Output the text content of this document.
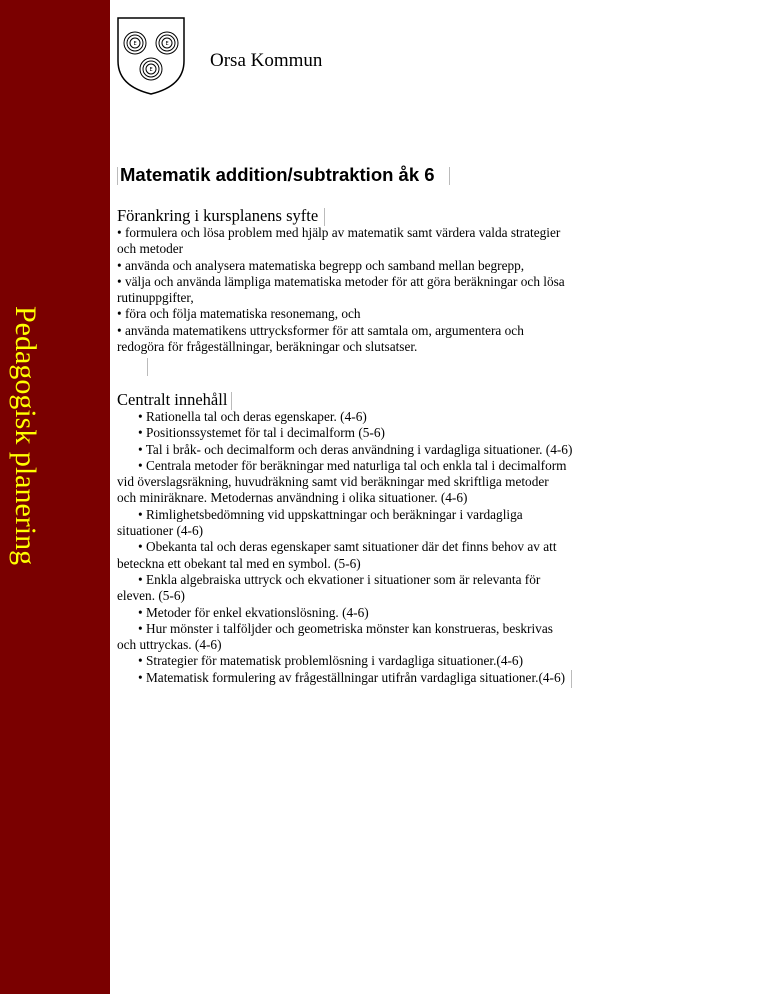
Pedagogisk planering
E	E
E	Orsa Kommun
Matematik addition/subtraktion åk 6
Förankring i kursplanens syfte

• formulera och lösa problem med hjälp av matematik samt värdera valda strategier

och metoder

• använda och analysera matematiska begrepp och samband mellan begrepp,

• välja och använda lämpliga matematiska metoder för att göra beräkningar och lösa

rutinuppgifter,

• föra och följa matematiska resonemang, och

• använda matematikens uttrycksformer för att samtala om, argumentera och

redogöra för frågeställningar, beräkningar och slutsatser.

Centralt innehåll

• Rationella tal och deras egenskaper. (4-6)

• Positionssystemet för tal i decimalform (5-6)

• Tal i bråk- och decimalform och deras användning i vardagliga situationer. (4-6)

• Centrala metoder för beräkningar med naturliga tal och enkla tal i decimalform

vid överslagsräkning, huvudräkning samt vid beräkningar med skriftliga metoder

och miniräknare. Metodernas användning i olika situationer. (4-6)

• Rimlighetsbedömning vid uppskattningar och beräkningar i vardagliga

situationer (4-6)

• Obekanta tal och deras egenskaper samt situationer där det finns behov av att

beteckna ett obekant tal med en symbol. (5-6)

• Enkla algebraiska uttryck och ekvationer i situationer som är relevanta för

eleven. (5-6)

• Metoder för enkel ekvationslösning. (4-6)

• Hur mönster i talföljder och geometriska mönster kan konstrueras, beskrivas

och uttryckas. (4-6)

• Strategier för matematisk problemlösning i vardagliga situationer.(4-6)

• Matematisk formulering av frågeställningar utifrån vardagliga situationer.(4-6)
